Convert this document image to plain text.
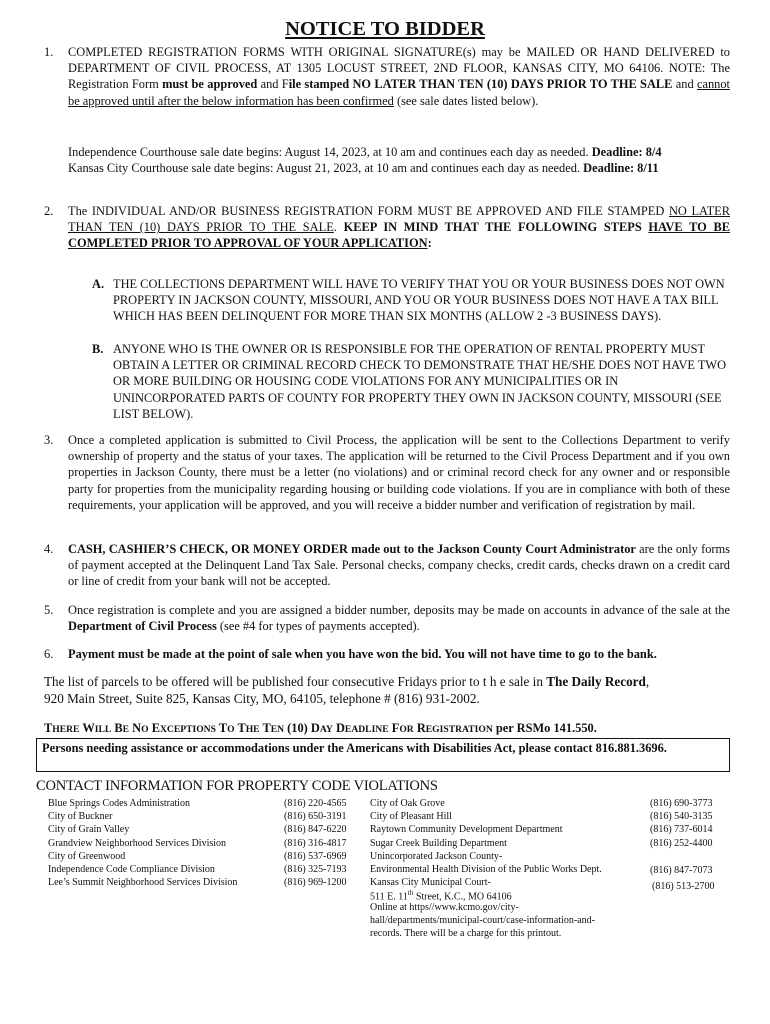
NOTICE TO BIDDER
1. COMPLETED REGISTRATION FORMS WITH ORIGINAL SIGNATURE(s) may be MAILED OR HAND DELIVERED to DEPARTMENT OF CIVIL PROCESS, AT 1305 LOCUST STREET, 2ND FLOOR, KANSAS CITY, MO 64106. NOTE: The Registration Form must be approved and File stamped NO LATER THAN TEN (10) DAYS PRIOR TO THE SALE and cannot be approved until after the below information has been confirmed (see sale dates listed below).
Independence Courthouse sale date begins: August 14, 2023, at 10 am and continues each day as needed. Deadline: 8/4
Kansas City Courthouse sale date begins: August 21, 2023, at 10 am and continues each day as needed. Deadline: 8/11
2. The INDIVIDUAL AND/OR BUSINESS REGISTRATION FORM MUST BE APPROVED AND FILE STAMPED NO LATER THAN TEN (10) DAYS PRIOR TO THE SALE. KEEP IN MIND THAT THE FOLLOWING STEPS HAVE TO BE COMPLETED PRIOR TO APPROVAL OF YOUR APPLICATION:
A. THE COLLECTIONS DEPARTMENT WILL HAVE TO VERIFY THAT YOU OR YOUR BUSINESS DOES NOT OWN PROPERTY IN JACKSON COUNTY, MISSOURI, AND YOU OR YOUR BUSINESS DOES NOT HAVE A TAX BILL WHICH HAS BEEN DELINQUENT FOR MORE THAN SIX MONTHS (ALLOW 2 -3 BUSINESS DAYS).
B. ANYONE WHO IS THE OWNER OR IS RESPONSIBLE FOR THE OPERATION OF RENTAL PROPERTY MUST OBTAIN A LETTER OR CRIMINAL RECORD CHECK TO DEMONSTRATE THAT HE/SHE DOES NOT HAVE TWO OR MORE BUILDING OR HOUSING CODE VIOLATIONS FOR ANY MUNICIPALITIES OR IN UNINCORPORATED PARTS OF COUNTY FOR PROPERTY THEY OWN IN JACKSON COUNTY, MISSOURI (SEE LIST BELOW).
3. Once a completed application is submitted to Civil Process, the application will be sent to the Collections Department to verify ownership of property and the status of your taxes. The application will be returned to the Civil Process Department and if you own properties in Jackson County, there must be a letter (no violations) and or criminal record check for any owner and or responsible party for properties from the municipality regarding housing or building code violations. If you are in compliance with both of these requirements, your application will be approved, and you will receive a bidder number and verification of registration by mail.
4. CASH, CASHIER’S CHECK, OR MONEY ORDER made out to the Jackson County Court Administrator are the only forms of payment accepted at the Delinquent Land Tax Sale. Personal checks, company checks, credit cards, checks drawn on a credit card or line of credit from your bank will not be accepted.
5. Once registration is complete and you are assigned a bidder number, deposits may be made on accounts in advance of the sale at the Department of Civil Process (see #4 for types of payments accepted).
6. Payment must be made at the point of sale when you have won the bid. You will not have time to go to the bank.
The list of parcels to be offered will be published four consecutive Fridays prior to t h e sale in The Daily Record,
920 Main Street, Suite 825, Kansas City, MO, 64105, telephone # (816) 931-2002.
THERE WILL BE NO EXCEPTIONS TO THE TEN (10) DAY DEADLINE FOR REGISTRATION per RSMo 141.550.
Persons needing assistance or accommodations under the Americans with Disabilities Act, please contact 816.881.3696.
CONTACT INFORMATION FOR PROPERTY CODE VIOLATIONS
Blue Springs Codes Administration	(816) 220-4565
City of Buckner	(816) 650-3191
City of Grain Valley	(816) 847-6220
Grandview Neighborhood Services Division	(816) 316-4817
City of Greenwood	(816) 537-6969
Independence Code Compliance Division	(816) 325-7193
Lee’s Summit Neighborhood Services Division	(816) 969-1200
City of Oak Grove	(816) 690-3773
City of Pleasant Hill	(816) 540-3135
Raytown Community Development Department	(816) 737-6014
Sugar Creek Building Department	(816) 252-4400
Unincorporated Jackson County-
Environmental Health Division of the Public Works Dept.	(816) 847-7073
Kansas City Municipal Court-	(816) 513-2700
511 E. 11th Street, K.C., MO 64106
Online at https//www.kcmo.gov/city-
hall/departments/municipal-court/case-information-and-
records. There will be a charge for this printout.
